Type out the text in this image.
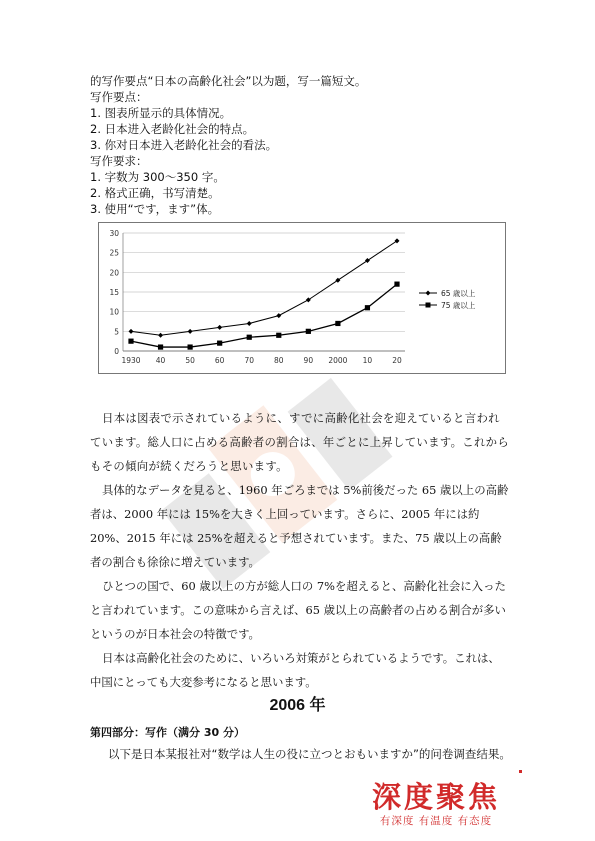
的写作要点“日本の高齢化社会”以为题，写一篇短文。
写作要点：
1. 图表所显示的具体情况。
2. 日本进入老龄化社会的特点。
3. 你对日本进入老龄化社会的看法。
写作要求：
1. 字数为 300～350 字。
2. 格式正确，书写清楚。
3. 使用“です，ます”体。
0
5
10
15
20
25
30
1930 40	50	60	70	80	90 2000 10	20
65 歳以上
75 歳以上

日本は図表で示されているように、すでに高齢化社会を迎えていると言われています。総人口に占める高齢者の割合は、年ごとに上昇しています。これからもその傾向が続くだろうと思います。

具体的なデータを見ると、1960 年ごろまでは 5%前後だった 65 歳以上の高齢者は、2000 年には 15%を大きく上回っています。さらに、2005 年には約 20%、2015 年には 25%を超えると予想されています。また、75 歳以上の高齢者の割合も徐徐に増えています。

ひとつの国で、60 歳以上の方が総人口の 7%を超えると、高齢化社会に入ったと言われています。この意味から言えば、65 歳以上の高齢者の占める割合が多いというのが日本社会の特徴です。

日本は高齢化社会のために、いろいろ対策がとられているようです。これは、中国にとっても大変参考になると思います。

2006 年
第四部分：写作（满分 30 分）
以下是日本某报社对“数学は人生の役に立つとおもいますか”的问卷调查结果。
深度聚焦
有深度 有温度 有态度
